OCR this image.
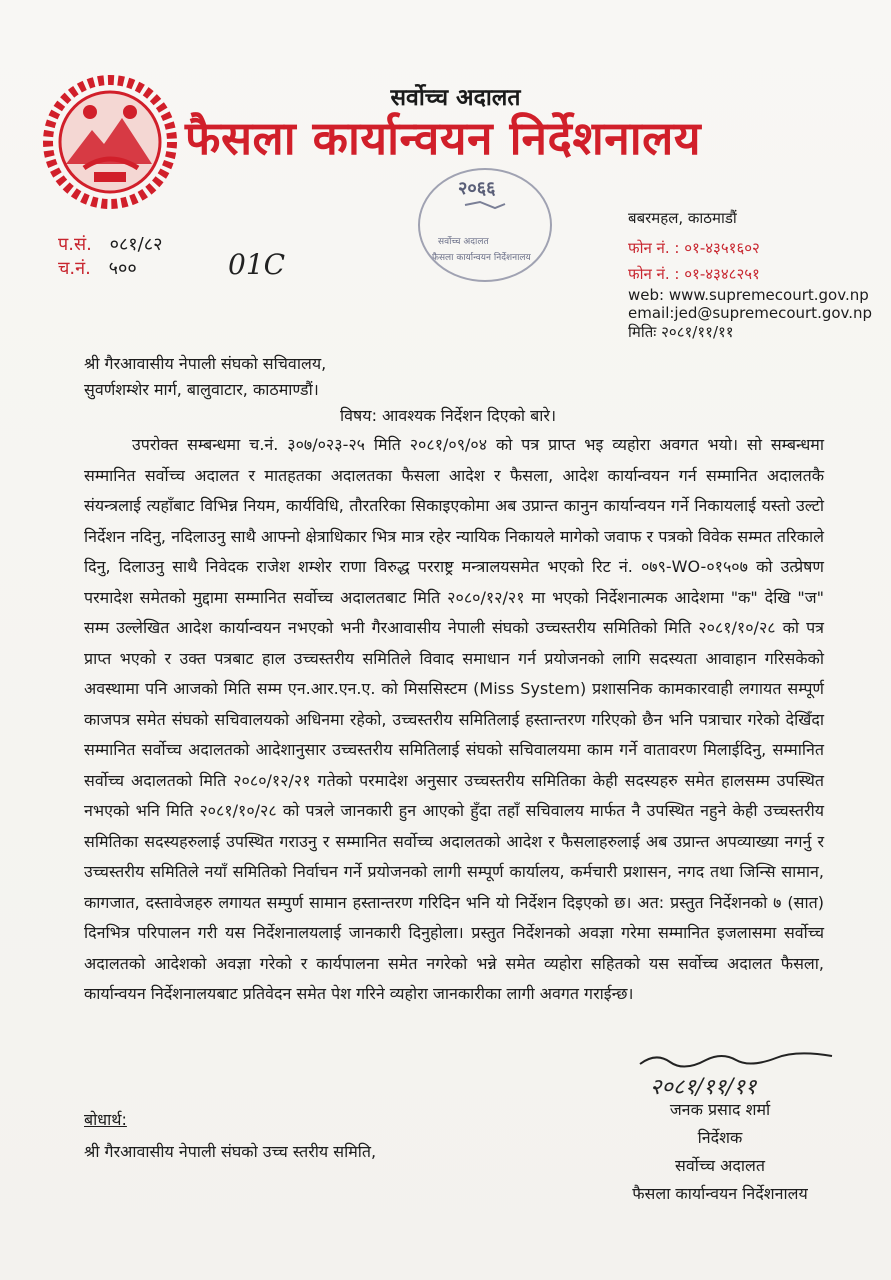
सर्वोच्च अदालत
फैसला कार्यान्वयन निर्देशनालय
२०६६
सर्वोच्च अदालत
फैसला कार्यान्वयन निर्देशनालय
प.सं. ०८१/८२
च.नं. ५००	01C
बबरमहल, काठमाडौं
फोन नं. : ०१-४३५१६०२
फोन नं. : ०१-४३४८२५१
web: www.supremecourt.gov.np
email:jed@supremecourt.gov.np
मितिः २०८१/११/११
श्री गैरआवासीय नेपाली संघको सचिवालय,
सुवर्णशम्शेर मार्ग, बालुवाटार, काठमाण्डौं।
विषय: आवश्यक निर्देशन दिएको बारे।

उपरोक्त सम्बन्धमा च.नं. ३०७/०२३-२५ मिति २०८१/०९/०४ को पत्र प्राप्त भइ व्यहोरा अवगत भयो। सो सम्बन्धमा सम्मानित सर्वोच्च अदालत र मातहतका अदालतका फैसला आदेश र फैसला, आदेश कार्यान्वयन गर्न सम्मानित अदालतकै संयन्त्रलाई त्यहाँबाट विभिन्न नियम, कार्यविधि, तौरतरिका सिकाइएकोमा अब उप्रान्त कानुन कार्यान्वयन गर्ने निकायलाई यस्तो उल्टो निर्देशन नदिनु, नदिलाउनु साथै आफ्नो क्षेत्राधिकार भित्र मात्र रहेर न्यायिक निकायले मागेको जवाफ र पत्रको विवेक सम्मत तरिकाले दिनु, दिलाउनु साथै निवेदक राजेश शम्शेर राणा विरुद्ध परराष्ट्र मन्त्रालयसमेत भएको रिट नं. ०७९-WO-०१५०७ को उत्प्रेषण परमादेश समेतको मुद्दामा सम्मानित सर्वोच्च अदालतबाट मिति २०८०/१२/२१ मा भएको निर्देशनात्मक आदेशमा "क" देखि "ज" सम्म उल्लेखित आदेश कार्यान्वयन नभएको भनी गैरआवासीय नेपाली संघको उच्चस्तरीय समितिको मिति २०८१/१०/२८ को पत्र प्राप्त भएको र उक्त पत्रबाट हाल उच्चस्तरीय समितिले विवाद समाधान गर्न प्रयोजनको लागि सदस्यता आवाहान गरिसकेको अवस्थामा पनि आजको मिति सम्म एन.आर.एन.ए. को मिससिस्टम (Miss System) प्रशासनिक कामकारवाही लगायत सम्पूर्ण काजपत्र समेत संघको सचिवालयको अधिनमा रहेको, उच्चस्तरीय समितिलाई हस्तान्तरण गरिएको छैन भनि पत्राचार गरेको देखिँदा सम्मानित सर्वोच्च अदालतको आदेशानुसार उच्चस्तरीय समितिलाई संघको सचिवालयमा काम गर्ने वातावरण मिलाईदिनु, सम्मानित सर्वोच्च अदालतको मिति २०८०/१२/२१ गतेको परमादेश अनुसार उच्चस्तरीय समितिका केही सदस्यहरु समेत हालसम्म उपस्थित नभएको भनि मिति २०८१/१०/२८ को पत्रले जानकारी हुन आएको हुँदा तहाँ सचिवालय मार्फत नै उपस्थित नहुने केही उच्चस्तरीय समितिका सदस्यहरुलाई उपस्थित गराउनु र सम्मानित सर्वोच्च अदालतको आदेश र फैसलाहरुलाई अब उप्रान्त अपव्याख्या नगर्नु र उच्चस्तरीय समितिले नयाँ समितिको निर्वाचन गर्ने प्रयोजनको लागी सम्पूर्ण कार्यालय, कर्मचारी प्रशासन, नगद तथा जिन्सि सामान, कागजात, दस्तावेजहरु लगायत सम्पुर्ण सामान हस्तान्तरण गरिदिन भनि यो निर्देशन दिइएको छ। अत: प्रस्तुत निर्देशनको ७ (सात) दिनभित्र परिपालन गरी यस निर्देशनालयलाई जानकारी दिनुहोला। प्रस्तुत निर्देशनको अवज्ञा गरेमा सम्मानित इजलासमा सर्वोच्च अदालतको आदेशको अवज्ञा गरेको र कार्यपालना समेत नगरेको भन्ने समेत व्यहोरा सहितको यस सर्वोच्च अदालत फैसला, कार्यान्वयन निर्देशनालयबाट प्रतिवेदन समेत पेश गरिने व्यहोरा जानकारीका लागी अवगत गराईन्छ।

२०८१/११/११
जनक प्रसाद शर्मा
निर्देशक
सर्वोच्च अदालत
फैसला कार्यान्वयन निर्देशनालय
बोधार्थ:
श्री गैरआवासीय नेपाली संघको उच्च स्तरीय समिति,
